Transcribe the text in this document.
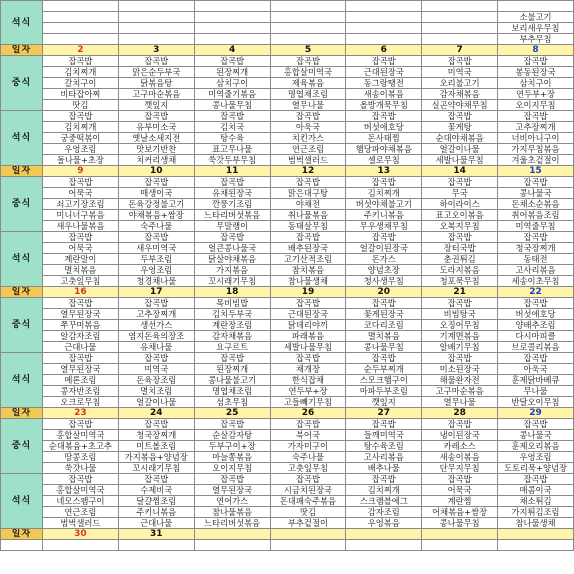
석식							
							소불고기
							보리새우무침
							부추무침
일자	2	3	4	5	6	7	8
중식	잡곡밥	잡곡밥	잡곡밥	잡곡밥	잡곡밥	잡곡밥	잡곡밥
	김치찌개	맑은순두부국	된장찌개	홍합살미역국	근대된장국	미역국	봉동된장국
	갈치구이	닭볶음탕	삼치구이	제육볶음	동그랑땡전	오리불고기	삼치구이
	비타잡아찌	고구마순볶음	미역줄기볶음	명엽채조림	새송이볶음	감자채볶음	연두부+장
	땃김	깻잎지	콩나물무침	열무나물	올방개묵무침	실곤약야채무침	오이지무침
석식	잡곡밥	잡곡밥	잡곡밥	잡곡밥	잡곡밥	잡곡밥	잡곡밥
	김치찌개	유부미소국	김치국	아욱국	버섯애호당	꽃게탕	고추장찌개
	궁중떡볶이	옛날소세지전	탕수육	치킨가스	돈사태찜	순대야채볶음	너비아니구이
	우엉조림	맛보기반찬	표고무나물	연근조림	햄당파야채볶음	얼갈이나물	가지무침볶음
	돌나물+초장	치커리생채	쑥갓두부무침	범벅샐러드	셀로무침	세발나물무침	겨울초겉절이
일자	9	10	11	12	13	14	15
중식	잡곡밥	잡곡밥	잡곡밥	잡곡밥	잡곡밥	잡곡밥	잡곡밥
	어묵국	매생이국	유채된장국	맑은대구탕	김치찌개	무국	콩나물국
	쇠고기장조림	돈육강정불고기	깐풍기조림	야채전	버섯야채불고기	하이라이스	돈채소순볶음
	미니너구볶음	야채볶음+쌈장	느타리버섯볶음	취나물볶음	주키니볶음	표고오이볶음	취어볶음조림
	새우나물볶음	숙주나물	무말랭이	동태살무침	무우생채무침	오복지무침	미역줄무침
석식	잡곡밥	잡곡밥	잡곡밥	잡곡밥	잡곡밥	잡곡밥	잡곡밥
	어묵국	새우미역국	얼큰콩나물국	배추된장국	얼갈이된장국	장터국밥	청국장찌개
	계란말이	두부조림	닭살야채볶음	고기산적조림	돈가스	춘권튀김	동태전
	멸치볶음	우엉조림	가지볶음	참치볶음	양념초장	도라지볶음	고사리볶음
	고춧잎무침	청경채나물	꼬시래기무침	참나물생채	청사생무침	청포묵무침	세송이초무침
일자	16	17	18	19	20	21	22
중식	잡곡밥	잡곡밥	목비빔밥	잡곡밥	잡곡밥	잡곡밥	잡곡밥
	열무된장국	고추장찌개	김치두부국	근대된장국	꽃게된장국	비빔탕국	버섯애호당
	쭈꾸미볶음	생선가스	계란장조림	닭데리야끼	코다리조림	오징어무침	양배추조림
	알감자조림	염지돈육의장조	감자채볶음	파래볶음	멸치볶음	기계면볶음	다시마피클
	근대나물	유채나물	요구르트	세발나물무침	콩나물무침	알배기무침	브로콜리볶음
석식	잡곡밥	잡곡밥	잡곡밥	잡곡밥	잡곡밥	잡곡밥	잡곡밥
	열무된장국	미역국	된장찌개	채개장	순두부찌개	미소된장국	아욱국
	메론조림	돈육장조림	콩나물불고기	한식잡채	스모크햄구이	해물완자전	훈제닭바베큐
	콩자반조림	멸치조림	명엽채조림	연두부+장	마파두부조림	고구마순볶음	무나물
	오크로무침	얼갈이나물	섬초무침	고들빼기무침	깻잎지	열무나물	반달오이무침
일자	23	24	25	26	27	28	29
중식	잡곡밥	잡곡밥	잡곡밥	잡곡밥	잡곡밥	잡곡밥	잡곡밥
	홍합살미역국	청국장찌개	순살감자탕	북어국	들깨미역국	냉이된장국	콩나물국
	순대볶음+초고추	미트볼조림	두부구이+장	가자미구이	탕수육조림	카레소스	훈제오리볶음
	땅콩조림	가지볶음+양념장	마늘쫑볶음	숙주나물	고사리볶음	새송이볶음	우엉조림
	쑥갓나물	꼬시래기무침	오이지무침	고춧잎무침	배추나물	단무지무침	도토리묵+양념장
석식	잡곡밥	잡곡밥	잡곡밥	잡곡밥	잡곡밥	잡곡밥	잡곡밥
	홍합살미역국	수제비국	열무된장국	시금치된장국	김치찌개	어묵국	매콤이국
	네모스팸구이	달걀찜조림	연어가스	돈대패숙주볶음	스크램블에그	계란찜	채소튀김
	연근조림	주키니볶음	참나물볶음	땃김	감자조림	어채볶음+쌈장	가지튀김조림
	범벅샐러드	근대나물	느타리버섯볶음	부추겉절이	우엉볶음	콩나물무침	참나물생채
일자	30	31					
